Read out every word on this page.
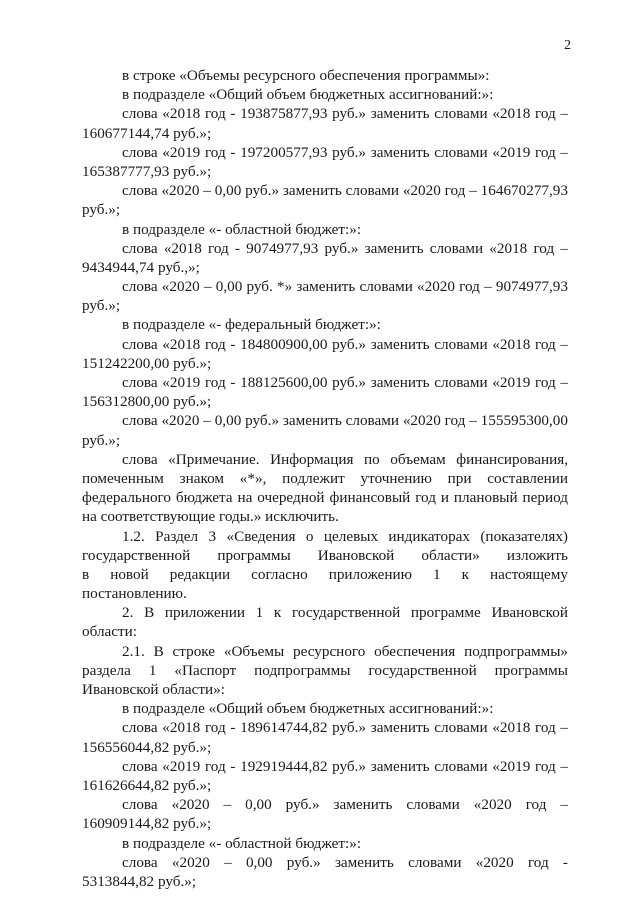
2
в строке «Объемы ресурсного обеспечения программы»:
в подразделе «Общий объем бюджетных ассигнований:»:
слова «2018 год - 193875877,93 руб.» заменить словами «2018 год –
160677144,74 руб.»;
слова «2019 год - 197200577,93 руб.» заменить словами «2019 год –
165387777,93 руб.»;
слова «2020 – 0,00 руб.» заменить словами «2020 год – 164670277,93
руб.»;
в подразделе «- областной бюджет:»:
слова «2018 год - 9074977,93 руб.» заменить словами «2018 год –
9434944,74 руб.,»;
слова «2020 – 0,00 руб. *» заменить словами «2020 год – 9074977,93
руб.»;
в подразделе «- федеральный бюджет:»:
слова «2018 год - 184800900,00 руб.» заменить словами «2018 год –
151242200,00 руб.»;
слова «2019 год - 188125600,00 руб.» заменить словами «2019 год –
156312800,00 руб.»;
слова «2020 – 0,00 руб.» заменить словами «2020 год – 155595300,00
руб.»;
слова «Примечание. Информация по объемам финансирования,
помеченным знаком «*», подлежит уточнению при составлении
федерального бюджета на очередной финансовый год и плановый период
на соответствующие годы.» исключить.
1.2. Раздел 3 «Сведения о целевых индикаторах (показателях)
государственной программы Ивановской области» изложить
в новой редакции согласно приложению 1 к настоящему
постановлению.
2. В приложении 1 к государственной программе Ивановской
области:
2.1. В строке «Объемы ресурсного обеспечения подпрограммы»
раздела 1 «Паспорт подпрограммы государственной программы
Ивановской области»:
в подразделе «Общий объем бюджетных ассигнований:»:
слова «2018 год - 189614744,82 руб.» заменить словами «2018 год –
156556044,82 руб.»;
слова «2019 год - 192919444,82 руб.» заменить словами «2019 год –
161626644,82 руб.»;
слова «2020 – 0,00 руб.» заменить словами «2020 год –
160909144,82 руб.»;
в подразделе «- областной бюджет:»:
слова «2020 – 0,00 руб.» заменить словами «2020 год -
5313844,82 руб.»;
